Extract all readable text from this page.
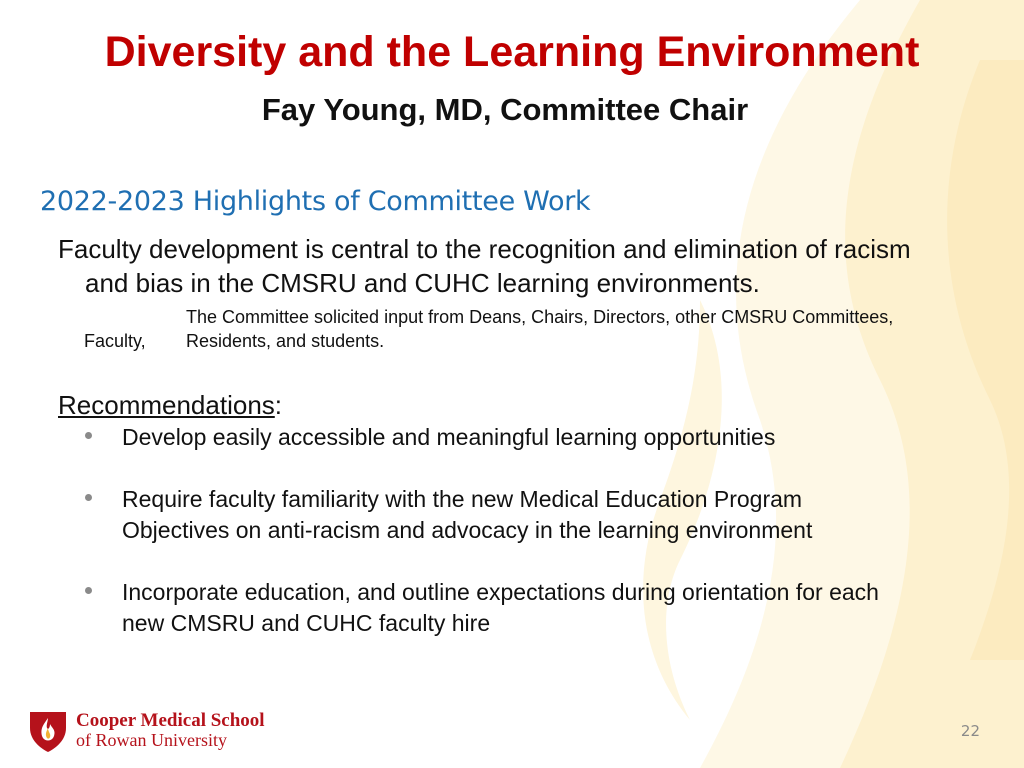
Diversity and the Learning Environment
Fay Young, MD, Committee Chair
2022-2023 Highlights of Committee Work
Faculty development is central to the recognition and elimination of racism
and bias in the CMSRU and CUHC learning environments.
The Committee solicited input from Deans, Chairs, Directors, other CMSRU Committees,
Faculty, Residents, and students.
Recommendations:
Develop easily accessible and meaningful learning opportunities
Require faculty familiarity with the new Medical Education Program
Objectives on anti-racism and advocacy in the learning environment
Incorporate education, and outline expectations during orientation for each
new CMSRU and CUHC faculty hire
Cooper Medical School
of Rowan University	22
